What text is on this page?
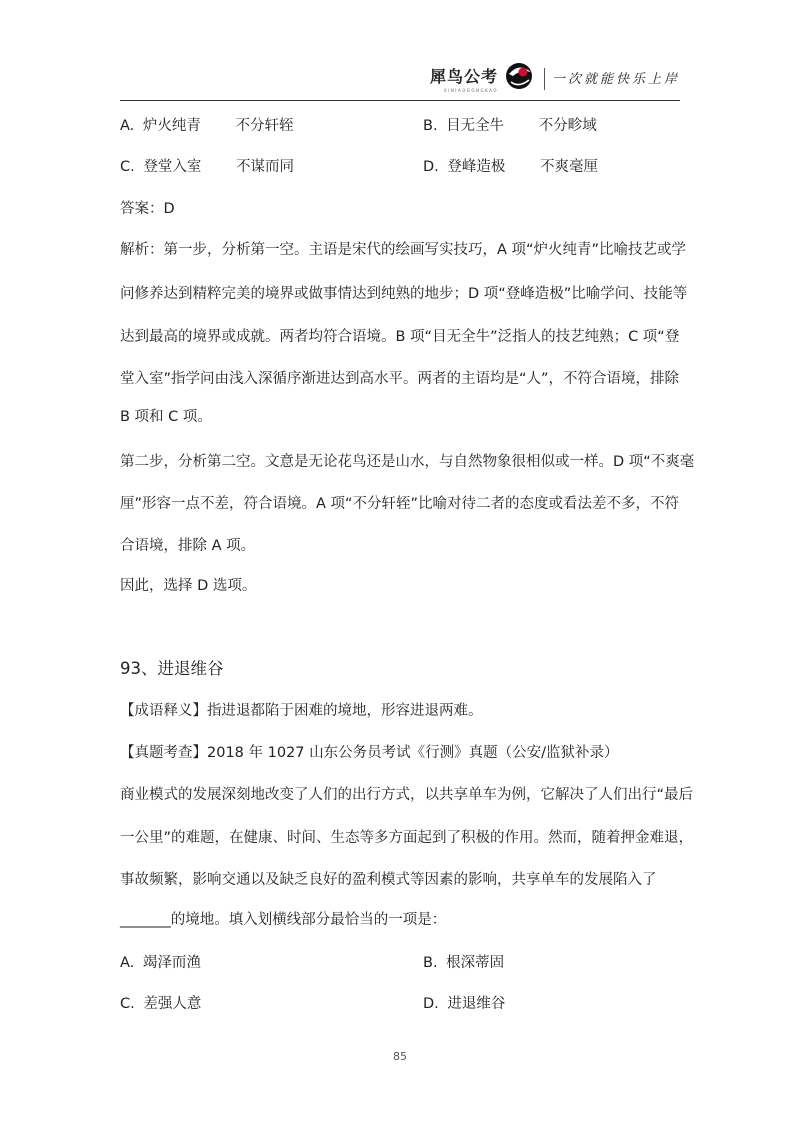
犀鸟公考
XINIAOGONGKAO
一次就能快乐上岸
A. 炉火纯青 不分轩轾	B. 目无全牛 不分畛域
C. 登堂入室 不谋而同	D. 登峰造极 不爽毫厘
答案：D
解析：第一步，分析第一空。主语是宋代的绘画写实技巧，A 项“炉火纯青”比喻技艺或学
问修养达到精粹完美的境界或做事情达到纯熟的地步；D 项“登峰造极”比喻学问、技能等
达到最高的境界或成就。两者均符合语境。B 项“目无全牛”泛指人的技艺纯熟；C 项“登
堂入室”指学问由浅入深循序渐进达到高水平。两者的主语均是“人”，不符合语境，排除
B 项和 C 项。
第二步，分析第二空。文意是无论花鸟还是山水，与自然物象很相似或一样。D 项“不爽毫
厘”形容一点不差，符合语境。A 项“不分轩轾”比喻对待二者的态度或看法差不多，不符
合语境，排除 A 项。
因此，选择 D 选项。
93、进退维谷
【成语释义】指进退都陷于困难的境地，形容进退两难。
【真题考查】2018 年 1027 山东公务员考试《行测》真题（公安/监狱补录）
商业模式的发展深刻地改变了人们的出行方式，以共享单车为例，它解决了人们出行“最后
一公里”的难题，在健康、时间、生态等多方面起到了积极的作用。然而，随着押金难退，
事故频繁，影响交通以及缺乏良好的盈利模式等因素的影响，共享单车的发展陷入了
_______的境地。填入划横线部分最恰当的一项是：
A. 竭泽而渔	B. 根深蒂固
C. 差强人意	D. 进退维谷
85
